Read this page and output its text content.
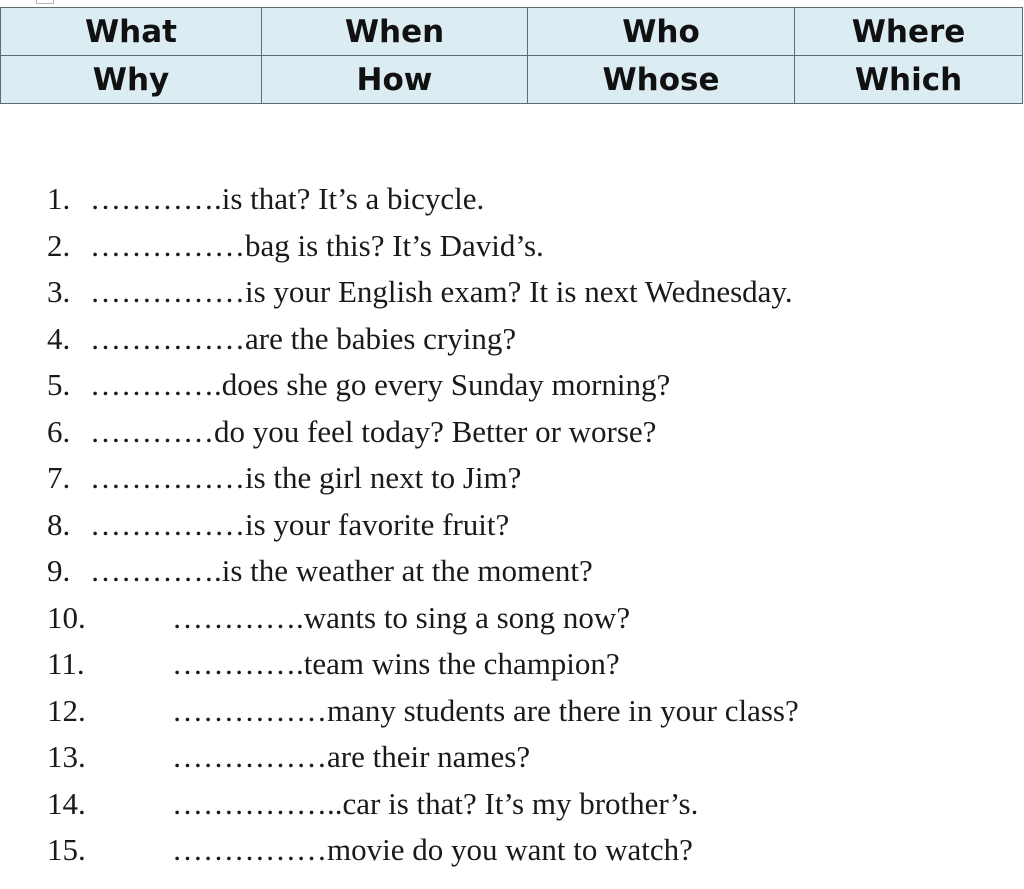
What	When	Who	Where
Why	How	Whose	Which
1. ………….is that? It’s a bicycle.
2. ……………bag is this? It’s David’s.
3. ……………is your English exam? It is next Wednesday.
4. ……………are the babies crying?
5. ………….does she go every Sunday morning?
6. …………do you feel today? Better or worse?
7. ……………is the girl next to Jim?
8. ……………is your favorite fruit?
9. ………….is the weather at the moment?
10.	………….wants to sing a song now?
11.	………….team wins the champion?
12.	……………many students are there in your class?
13.	……………are their names?
14.	……………..car is that? It’s my brother’s.
15.	……………movie do you want to watch?
